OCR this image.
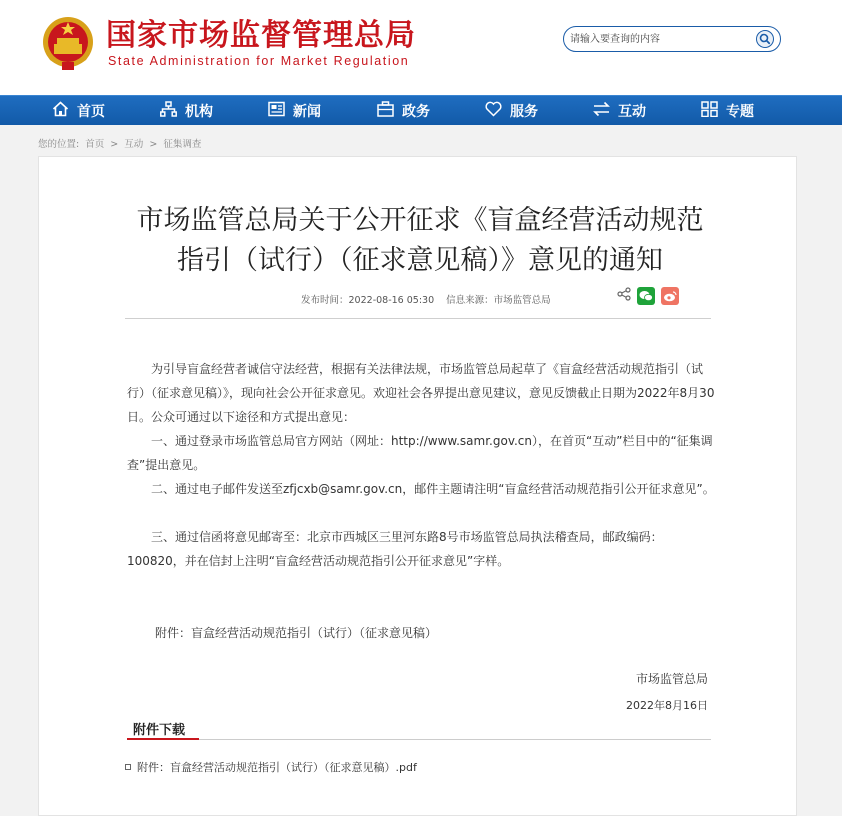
国家市场监督管理总局
State Administration for Market Regulation
请输入要查询的内容
首页	机构	新闻	政务	服务	互动	专题
您的位置: 首页 > 互动 > 征集调查
市场监管总局关于公开征求《盲盒经营活动规范指引（试行）（征求意见稿）》意见的通知
发布时间：2022-08-16 05:30 信息来源：市场监管总局
为引导盲盒经营者诚信守法经营，根据有关法律法规，市场监管总局起草了《盲盒经营活动规范指引（试行）（征求意见稿）》，现向社会公开征求意见。欢迎社会各界提出意见建议，意见反馈截止日期为2022年8月30日。公众可通过以下途径和方式提出意见：
一、通过登录市场监管总局官方网站（网址：http://www.samr.gov.cn），在首页“互动”栏目中的“征集调查”提出意见。
二、通过电子邮件发送至zfjcxb@samr.gov.cn，邮件主题请注明“盲盒经营活动规范指引公开征求意见”。
三、通过信函将意见邮寄至：北京市西城区三里河东路8号市场监管总局执法稽查局，邮政编码：100820，并在信封上注明“盲盒经营活动规范指引公开征求意见”字样。
附件：盲盒经营活动规范指引（试行）（征求意见稿）
市场监管总局
2022年8月16日
附件下载
附件：盲盒经营活动规范指引（试行）（征求意见稿）.pdf
